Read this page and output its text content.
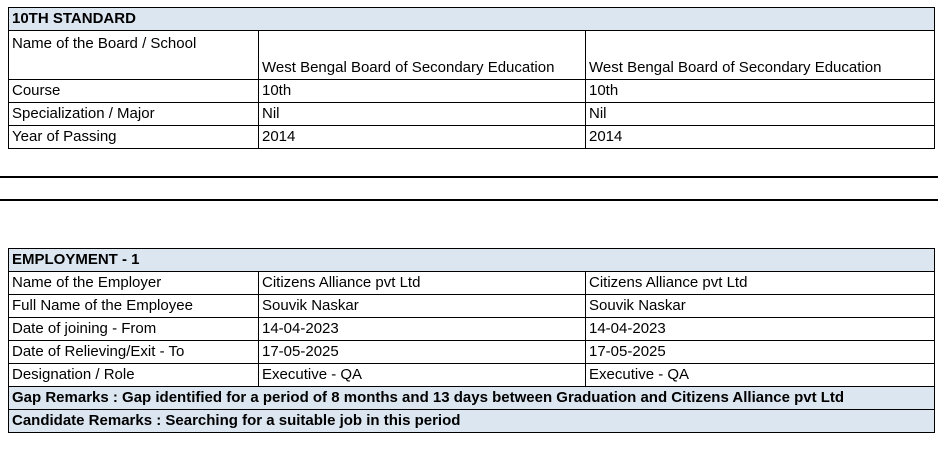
10TH STANDARD		
Name of the Board / School	West Bengal Board of Secondary Education	West Bengal Board of Secondary Education
Course	10th	10th
Specialization / Major	Nil	Nil
Year of Passing	2014	2014
EMPLOYMENT - 1		
Name of the Employer	Citizens Alliance pvt Ltd	Citizens Alliance pvt Ltd
Full Name of the Employee	Souvik Naskar	Souvik Naskar
Date of joining - From	14-04-2023	14-04-2023
Date of Relieving/Exit - To	17-05-2025	17-05-2025
Designation / Role	Executive - QA	Executive - QA
Gap Remarks : Gap identified for a period of 8 months and 13 days between Graduation and Citizens Alliance pvt Ltd		
Candidate Remarks : Searching for a suitable job in this period		
